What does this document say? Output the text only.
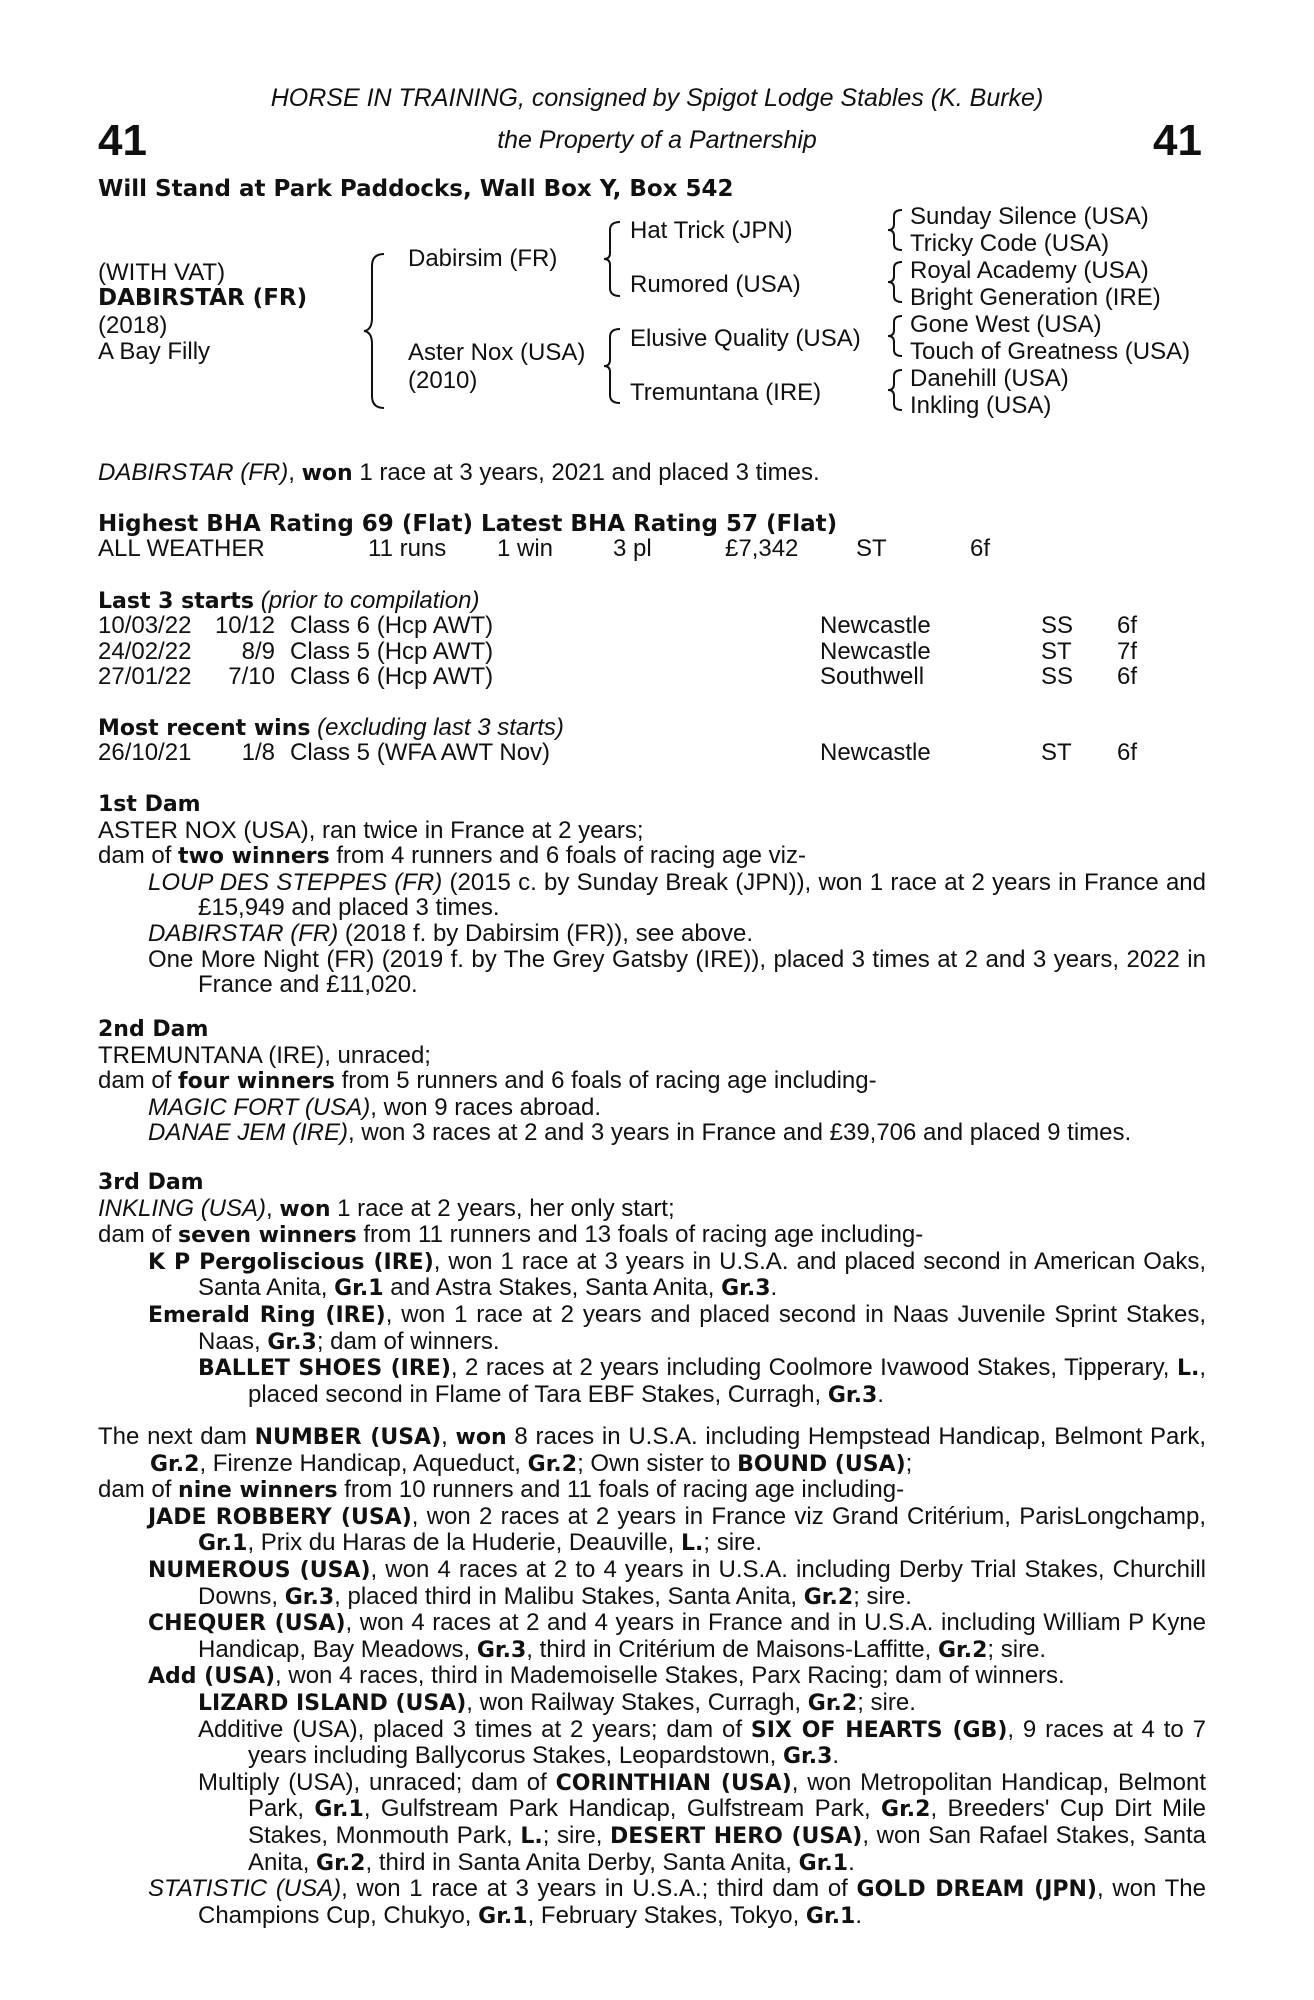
41	41
HORSE IN TRAINING, consigned by Spigot Lodge Stables (K. Burke)
the Property of a Partnership
Will Stand at Park Paddocks, Wall Box Y, Box 542
(WITH VAT)
DABIRSTAR (FR)
(2018)
A Bay Filly
Dabirsim (FR)
Aster Nox (USA)
(2010)
Hat Trick (JPN)
Rumored (USA)
Elusive Quality (USA)
Tremuntana (IRE)
Sunday Silence (USA)
Tricky Code (USA)
Royal Academy (USA)
Bright Generation (IRE)
Gone West (USA)
Touch of Greatness (USA)
Danehill (USA)
Inkling (USA)
DABIRSTAR (FR), won 1 race at 3 years, 2021 and placed 3 times.
Highest BHA Rating 69 (Flat) Latest BHA Rating 57 (Flat)
ALL WEATHER	11 runs 1 win 3 pl	£7,342 ST	6f
Last 3 starts (prior to compilation)
10/03/22 10/12 Class 6 (Hcp AWT)	Newcastle	SS 6f
24/02/22 8/9 Class 5 (Hcp AWT)	Newcastle	ST 7f
27/01/22 7/10 Class 6 (Hcp AWT)	Southwell	SS 6f
Most recent wins (excluding last 3 starts)
26/10/21 1/8 Class 5 (WFA AWT Nov)	Newcastle	ST 6f

1st Dam

ASTER NOX (USA), ran twice in France at 2 years;

dam of two winners from 4 runners and 6 foals of racing age viz-

LOUP DES STEPPES (FR) (2015 c. by Sunday Break (JPN)), won 1 race at 2 years in France and £15,949 and placed 3 times.

DABIRSTAR (FR) (2018 f. by Dabirsim (FR)), see above.

One More Night (FR) (2019 f. by The Grey Gatsby (IRE)), placed 3 times at 2 and 3 years, 2022 in France and £11,020.

2nd Dam

TREMUNTANA (IRE), unraced;

dam of four winners from 5 runners and 6 foals of racing age including-

MAGIC FORT (USA), won 9 races abroad.

DANAE JEM (IRE), won 3 races at 2 and 3 years in France and £39,706 and placed 9 times.

3rd Dam

INKLING (USA), won 1 race at 2 years, her only start;

dam of seven winners from 11 runners and 13 foals of racing age including-

K P Pergoliscious (IRE), won 1 race at 3 years in U.S.A. and placed second in American Oaks, Santa Anita, Gr.1 and Astra Stakes, Santa Anita, Gr.3.

Emerald Ring (IRE), won 1 race at 2 years and placed second in Naas Juvenile Sprint Stakes, Naas, Gr.3; dam of winners.

BALLET SHOES (IRE), 2 races at 2 years including Coolmore Ivawood Stakes, Tipperary, L., placed second in Flame of Tara EBF Stakes, Curragh, Gr.3.

The next dam NUMBER (USA), won 8 races in U.S.A. including Hempstead Handicap, Belmont Park, Gr.2, Firenze Handicap, Aqueduct, Gr.2; Own sister to BOUND (USA);

dam of nine winners from 10 runners and 11 foals of racing age including-

JADE ROBBERY (USA), won 2 races at 2 years in France viz Grand Critérium, ParisLongchamp, Gr.1, Prix du Haras de la Huderie, Deauville, L.; sire.

NUMEROUS (USA), won 4 races at 2 to 4 years in U.S.A. including Derby Trial Stakes, Churchill Downs, Gr.3, placed third in Malibu Stakes, Santa Anita, Gr.2; sire.

CHEQUER (USA), won 4 races at 2 and 4 years in France and in U.S.A. including William P Kyne Handicap, Bay Meadows, Gr.3, third in Critérium de Maisons-Laffitte, Gr.2; sire.

Add (USA), won 4 races, third in Mademoiselle Stakes, Parx Racing; dam of winners.

LIZARD ISLAND (USA), won Railway Stakes, Curragh, Gr.2; sire.

Additive (USA), placed 3 times at 2 years; dam of SIX OF HEARTS (GB), 9 races at 4 to 7 years including Ballycorus Stakes, Leopardstown, Gr.3.

Multiply (USA), unraced; dam of CORINTHIAN (USA), won Metropolitan Handicap, Belmont Park, Gr.1, Gulfstream Park Handicap, Gulfstream Park, Gr.2, Breeders' Cup Dirt Mile Stakes, Monmouth Park, L.; sire, DESERT HERO (USA), won San Rafael Stakes, Santa Anita, Gr.2, third in Santa Anita Derby, Santa Anita, Gr.1.

STATISTIC (USA), won 1 race at 3 years in U.S.A.; third dam of GOLD DREAM (JPN), won The Champions Cup, Chukyo, Gr.1, February Stakes, Tokyo, Gr.1.
